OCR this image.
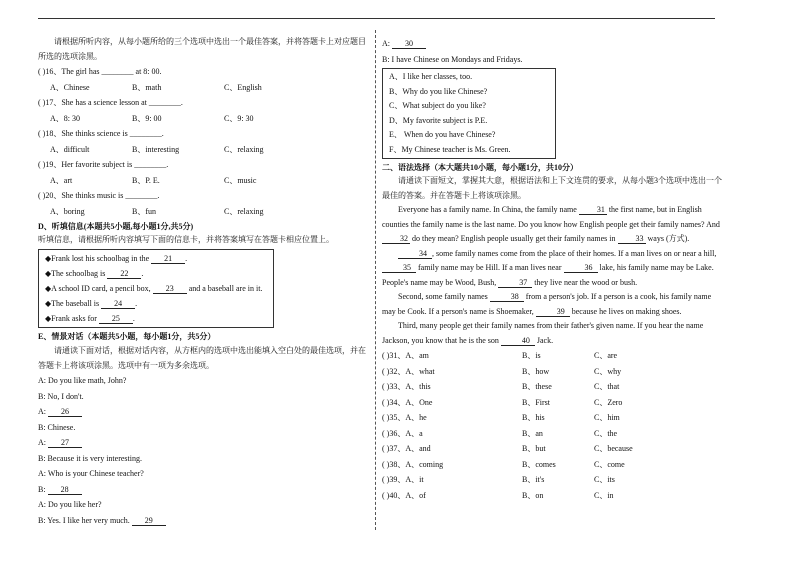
请根据所听内容，从每小题所给的三个选项中选出一个最佳答案，并将答题卡上对应题目

所选的选项涂黑。

( )16、The girl has ________ at 8: 00.
A、Chinese	B、math	C、English
( )17、She has a science lesson at ________.
A、8: 30	B、9: 00	C、9: 30
( )18、She thinks science is ________.
A、difficult	B、interesting	C、relaxing
( )19、Her favorite subject is ________.
A、art	B、P. E.	C、music
( )20、She thinks music is ________.
A、boring	B、fun	C、relaxing

D、听填信息(本题共5小题,每小题1分,共5分)

听填信息，请根据所听内容填写下面的信息卡，并将答案填写在答题卡相应位置上。

◆Frank lost his schoolbag in the 21 .

◆The schoolbag is 22 .

◆A school ID card, a pencil box, 23 and a baseball are in it.

◆The baseball is 24 .

◆Frank asks for 25 .

E、情景对话（本题共5小题，每小题1分，共5分）

请通读下面对话，根据对话内容，从方框内的选项中选出能填入空白处的最佳选项，并在

答题卡上将该项涂黑。选项中有一项为多余选项。

A: Do you like math, John?
B: No, I don't.
A: 26
B: Chinese.
A: 27
B: Because it is very interesting.
A: Who is your Chinese teacher?
B: 28
A: Do you like her?
B: Yes. I like her very much. 29
A: 30
B: I have Chinese on Mondays and Fridays.

A、I like her classes, too.

B、Why do you like Chinese?

C、What subject do you like?

D、My favorite subject is P.E.

E、 When do you have Chinese?

F、My Chinese teacher is Ms. Green.

二、语法选择（本大题共10小题，每小题1分，共10分）

请通读下面短文，掌握其大意，根据语法和上下文连贯的要求，从每小题3个选项中选出一个最佳的答案。并在答题卡上将该项涂黑。

Everyone has a family name. In China, the family name 31 the first name, but in English counties the family name is the last name. Do you know how English people get their family names? And 32 do they mean? English people usually get their family names in 33 ways (方式).

34 , some family names come from the place of their homes. If a man lives on or near a hill, 35 family name may be Hill. If a man lives near	36 lake, his family name may be Lake. People's name may be Wood, Bush,	37 they live near the wood or bush.

Second, some family names	38 from a person's job. If a person is a cook, his family name may be Cook. If a person's name is Shoemaker,	39 because he lives on making shoes.

Third, many people get their family names from their father's given name. If you hear the name Jackson, you know that he is the son	40 Jack.

( )31、A、am	B、is	C、are
( )32、A、what	B、how	C、why
( )33、A、this	B、these	C、that
( )34、A、One	B、First	C、Zero
( )35、A、he	B、his	C、him
( )36、A、a	B、an	C、the
( )37、A、and	B、but	C、because
( )38、A、coming	B、comes	C、come
( )39、A、it	B、it's	C、its
( )40、A、of	B、on	C、in
